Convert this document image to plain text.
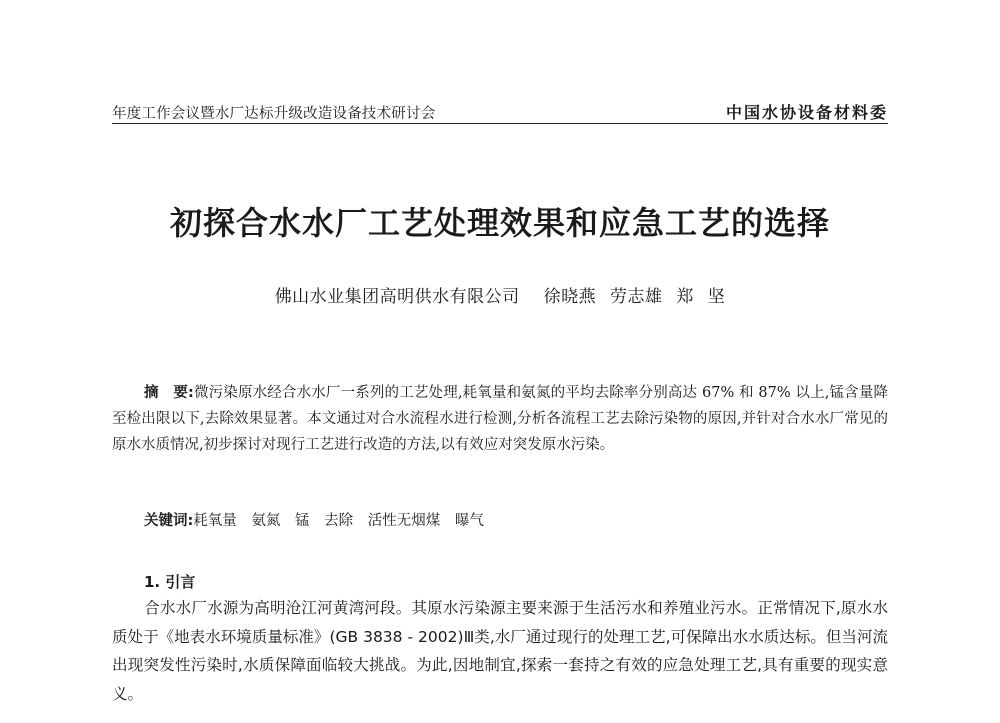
年度工作会议暨水厂达标升级改造设备技术研讨会	中国水协设备材料委
初探合水水厂工艺处理效果和应急工艺的选择
佛山水业集团高明供水有限公司 徐晓燕 劳志雄 郑 坚
摘　要:微污染原水经合水水厂一系列的工艺处理,耗氧量和氨氮的平均去除率分别高达 67% 和 87% 以上,锰含量降至检出限以下,去除效果显著。本文通过对合水流程水进行检测,分析各流程工艺去除污染物的原因,并针对合水水厂常见的原水水质情况,初步探讨对现行工艺进行改造的方法,以有效应对突发原水污染。
关键词:耗氧量 氨氮 锰 去除 活性无烟煤 曝气
1. 引言
合水水厂水源为高明沧江河黄湾河段。其原水污染源主要来源于生活污水和养殖业污水。正常情况下,原水水质处于《地表水环境质量标准》(GB 3838 - 2002)Ⅲ类,水厂通过现行的处理工艺,可保障出水水质达标。但当河流出现突发性污染时,水质保障面临较大挑战。为此,因地制宜,探索一套持之有效的应急处理工艺,具有重要的现实意义。
